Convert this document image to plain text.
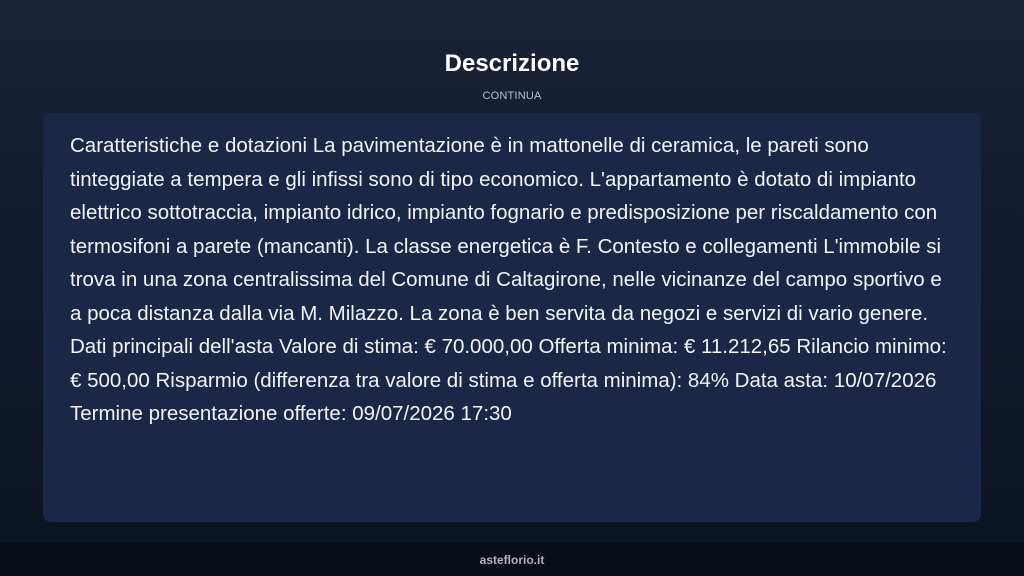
Descrizione
CONTINUA

Caratteristiche e dotazioni La pavimentazione è in mattonelle di ceramica, le pareti sono tinteggiate a tempera e gli infissi sono di tipo economico. L'appartamento è dotato di impianto elettrico sottotraccia, impianto idrico, impianto fognario e predisposizione per riscaldamento con termosifoni a parete (mancanti). La classe energetica è F. Contesto e collegamenti L'immobile si trova in una zona centralissima del Comune di Caltagirone, nelle vicinanze del campo sportivo e a poca distanza dalla via M. Milazzo. La zona è ben servita da negozi e servizi di vario genere. Dati principali dell'asta Valore di stima: € 70.000,00 Offerta minima: € 11.212,65 Rilancio minimo: € 500,00 Risparmio (differenza tra valore di stima e offerta minima): 84% Data asta: 10/07/2026 Termine presentazione offerte: 09/07/2026 17:30

asteflorio.it
